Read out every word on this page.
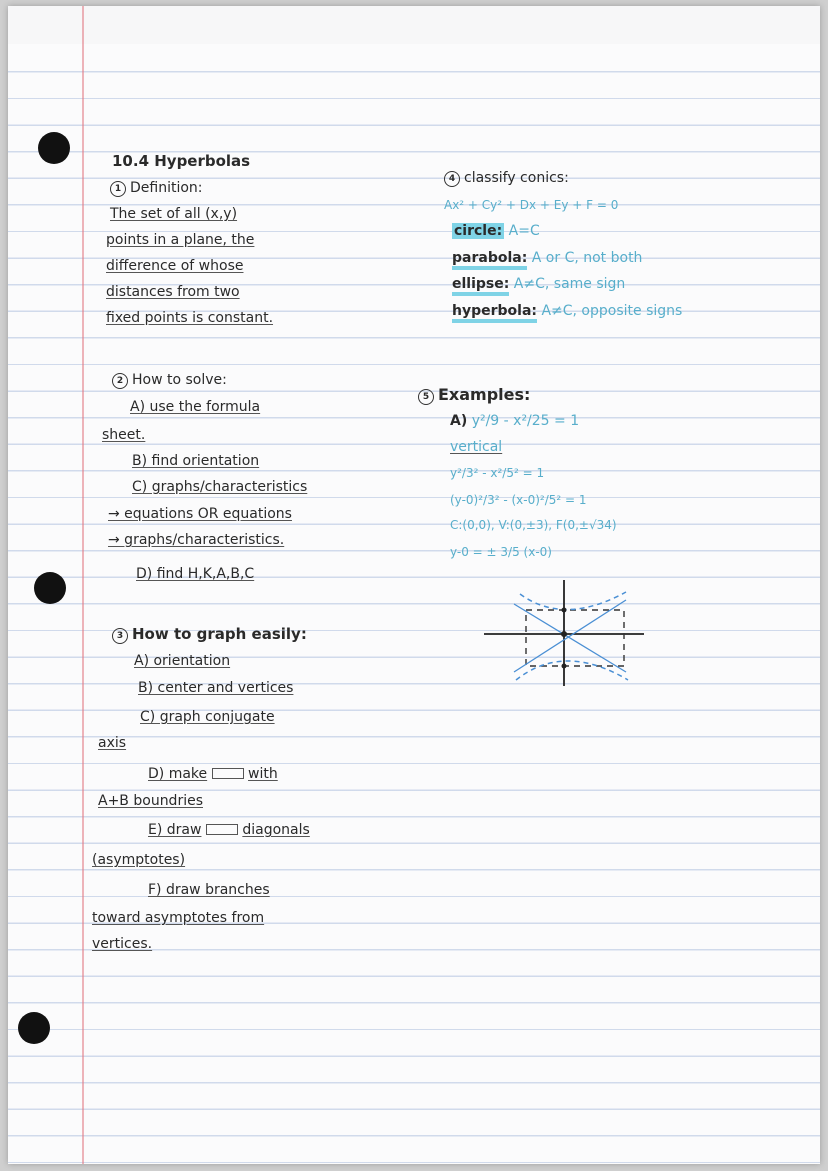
10.4 Hyperbolas
1 Definition:
The set of all (x,y)
points in a plane, the
difference of whose
distances from two
fixed points is constant.
2 How to solve:
A) use the formula
sheet.
B) find orientation
C) graphs/characteristics
→ equations OR equations
→ graphs/characteristics.
D) find H,K,A,B,C
3 How to graph easily:
A) orientation
B) center and vertices
C) graph conjugate
axis
D) make	with
A+B boundries
E) draw	diagonals
(asymptotes)
F) draw branches
toward asymptotes from
vertices.
4 classify conics:
Ax² + Cy² + Dx + Ey + F = 0
circle: A=C
parabola: A or C, not both
ellipse: A≠C, same sign
hyperbola: A≠C, opposite signs
5 Examples:
A) y²/9 - x²/25 = 1
vertical
y²/3² - x²/5² = 1
(y-0)²/3² - (x-0)²/5² = 1
C:(0,0), V:(0,±3), F(0,±√34)
y-0 = ± 3/5 (x-0)
